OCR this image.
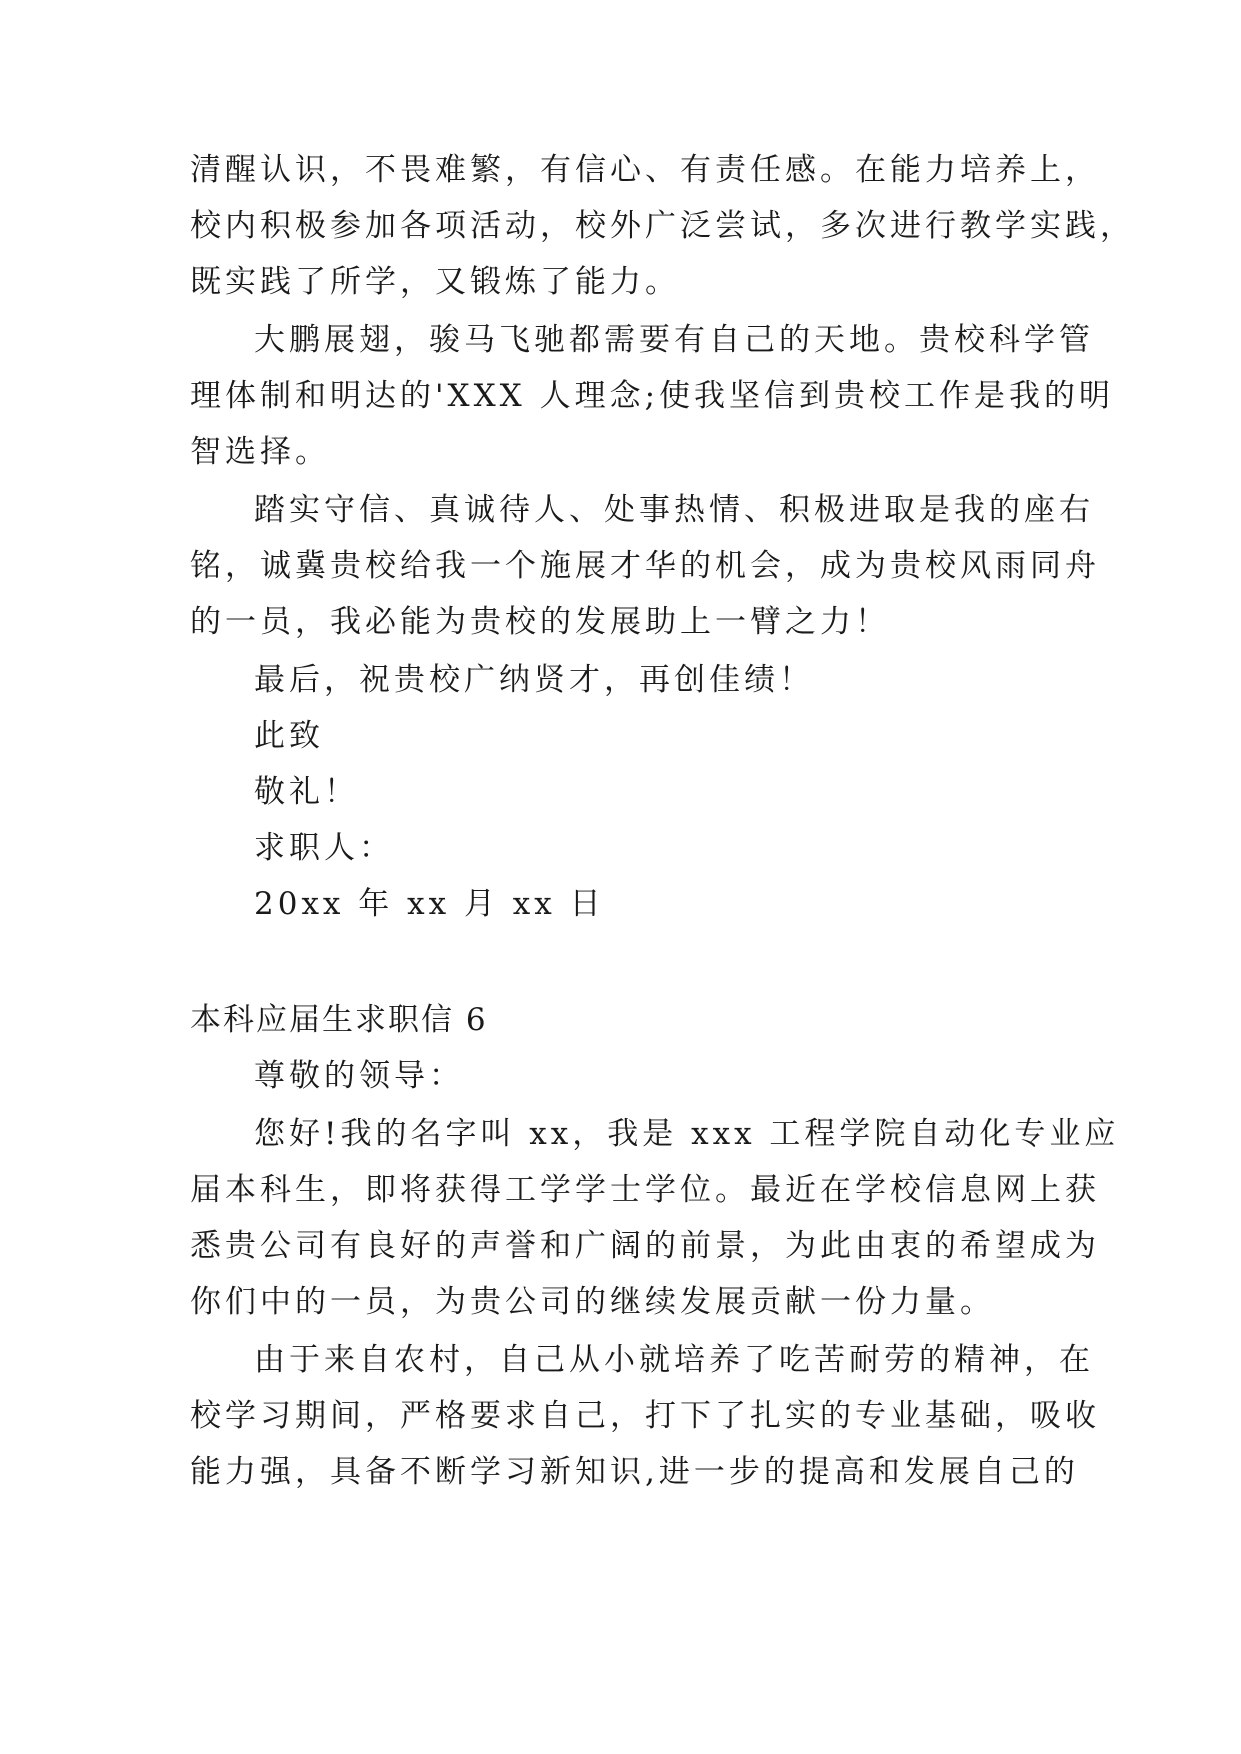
清醒认识，不畏难繁，有信心、有责任感。在能力培养上，
校内积极参加各项活动，校外广泛尝试，多次进行教学实践，
既实践了所学，又锻炼了能力。
大鹏展翅，骏马飞驰都需要有自己的天地。贵校科学管
理体制和明达的'XXX 人理念;使我坚信到贵校工作是我的明
智选择。
踏实守信、真诚待人、处事热情、积极进取是我的座右
铭，诚冀贵校给我一个施展才华的机会，成为贵校风雨同舟
的一员，我必能为贵校的发展助上一臂之力！
最后，祝贵校广纳贤才，再创佳绩！
此致
敬礼！
求职人：
20xx 年 xx 月 xx 日
本科应届生求职信 6
尊敬的领导：
您好!我的名字叫 xx，我是 xxx 工程学院自动化专业应
届本科生，即将获得工学学士学位。最近在学校信息网上获
悉贵公司有良好的声誉和广阔的前景，为此由衷的希望成为
你们中的一员，为贵公司的继续发展贡献一份力量。
由于来自农村，自己从小就培养了吃苦耐劳的精神，在
校学习期间，严格要求自己，打下了扎实的专业基础，吸收
能力强，具备不断学习新知识,进一步的提高和发展自己的
